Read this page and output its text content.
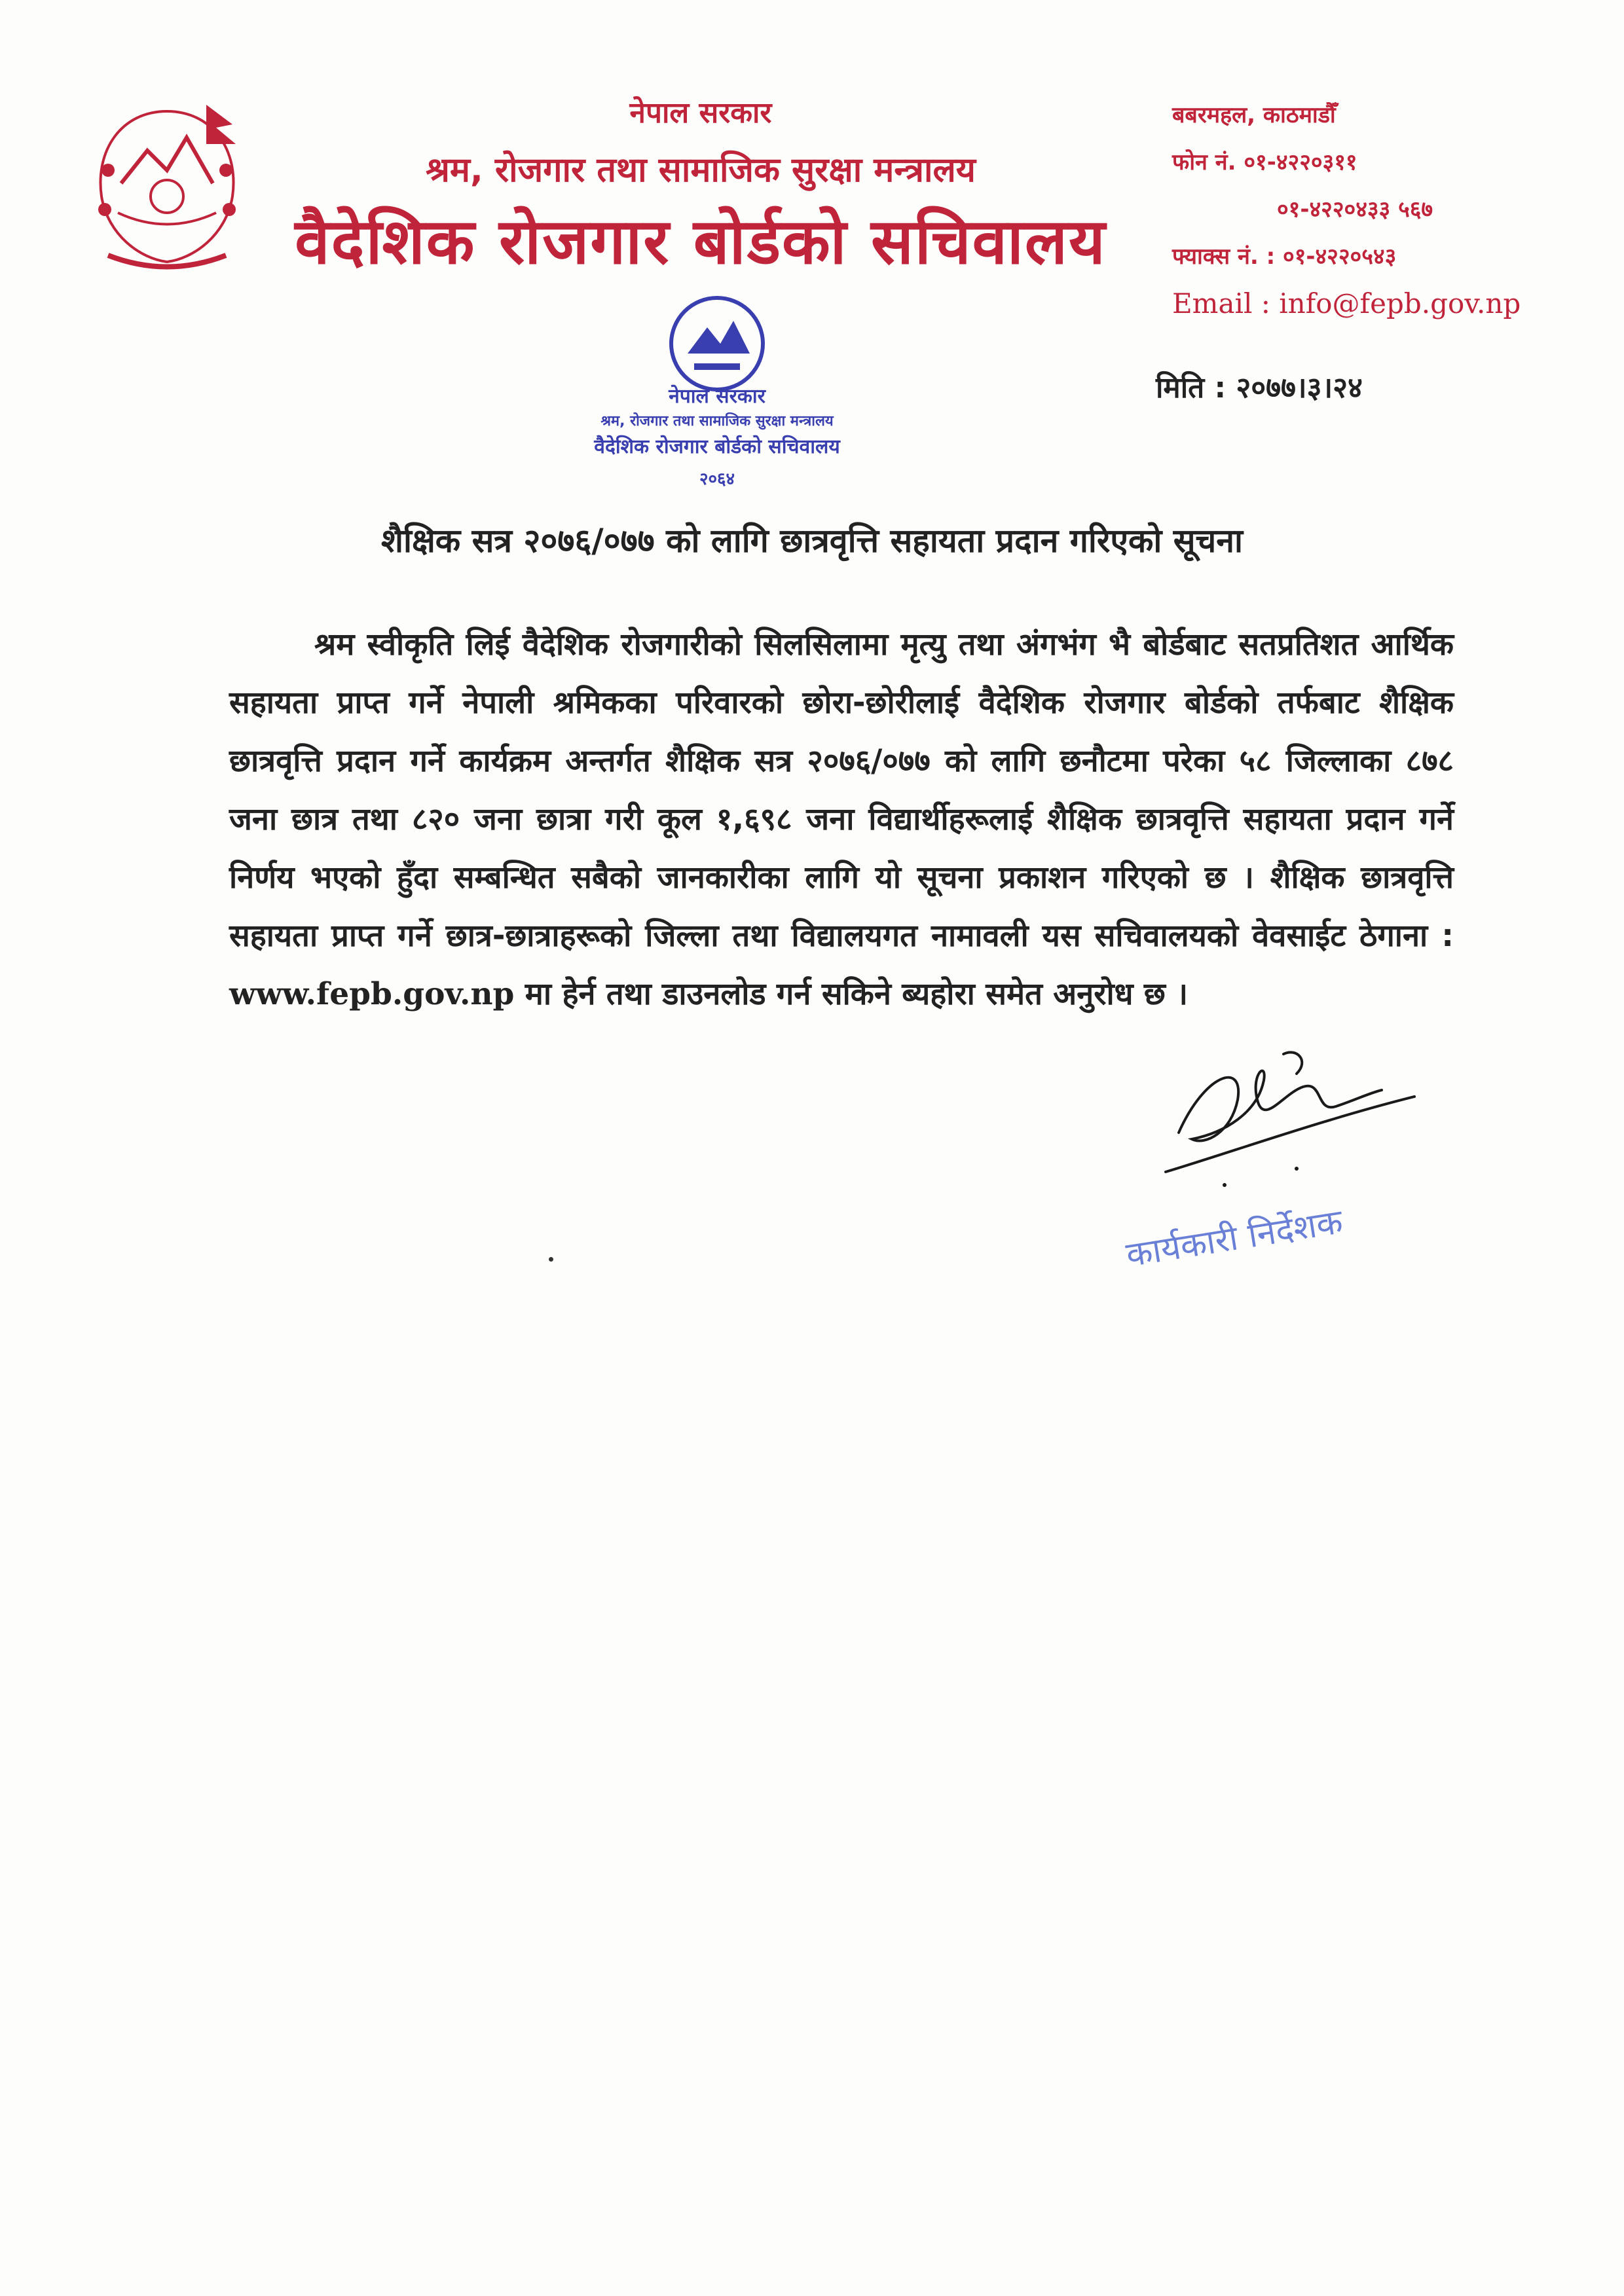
नेपाल सरकार
श्रम, रोजगार तथा सामाजिक सुरक्षा मन्त्रालय
वैदेशिक रोजगार बोर्डको सचिवालय
बबरमहल, काठमाडौँ
फोन नं. ०१-४२२०३११
०१-४२२०४३३ ५६७
फ्याक्स नं. : ०१-४२२०५४३
Email : info@fepb.gov.np
नेपाल सरकार
श्रम, रोजगार तथा सामाजिक सुरक्षा मन्त्रालय
वैदेशिक रोजगार बोर्डको सचिवालय
२०६४
मिति : २०७७।३।२४
शैक्षिक सत्र २०७६/०७७ को लागि छात्रवृत्ति सहायता प्रदान गरिएको सूचना
श्रम स्वीकृति लिई वैदेशिक रोजगारीको सिलसिलामा मृत्यु तथा अंगभंग भै बोर्डबाट सतप्रतिशत आर्थिक सहायता प्राप्त गर्ने नेपाली श्रमिकका परिवारको छोरा-छोरीलाई वैदेशिक रोजगार बोर्डको तर्फबाट शैक्षिक छात्रवृत्ति प्रदान गर्ने कार्यक्रम अन्तर्गत शैक्षिक सत्र २०७६/०७७ को लागि छनौटमा परेका ५८ जिल्लाका ८७८ जना छात्र तथा ८२० जना छात्रा गरी कूल १,६९८ जना विद्यार्थीहरूलाई शैक्षिक छात्रवृत्ति सहायता प्रदान गर्ने निर्णय भएको हुँदा सम्बन्धित सबैको जानकारीका लागि यो सूचना प्रकाशन गरिएको छ । शैक्षिक छात्रवृत्ति सहायता प्राप्त गर्ने छात्र-छात्राहरूको जिल्ला तथा विद्यालयगत नामावली यस सचिवालयको वेवसाईट ठेगाना : www.fepb.gov.np मा हेर्न तथा डाउनलोड गर्न सकिने ब्यहोरा समेत अनुरोध छ ।
कार्यकारी निर्देशक
